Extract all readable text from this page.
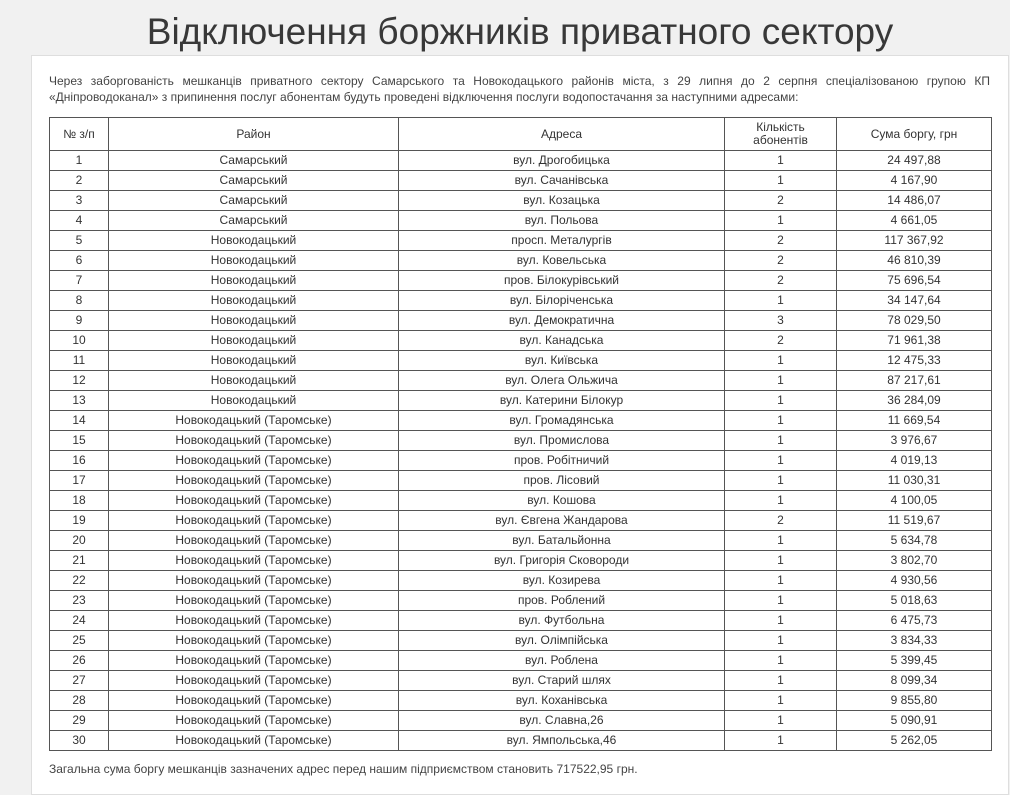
Відключення боржників приватного сектору

Через заборгованість мешканців приватного сектору Самарського та Новокодацького районів міста, з 29 липня до 2 серпня спеціалізованою групою КП «Дніпроводоканал» з припинення послуг абонентам будуть проведені відключення послуги водопостачання за наступними адресами:

№ з/п	Район	Адреса	Кількість абонентів	Сума боргу, грн
1	Самарський	вул. Дрогобицька	1	24 497,88
2	Самарський	вул. Сачанівська	1	4 167,90
3	Самарський	вул. Козацька	2	14 486,07
4	Самарський	вул. Польова	1	4 661,05
5	Новокодацький	просп. Металургів	2	117 367,92
6	Новокодацький	вул. Ковельська	2	46 810,39
7	Новокодацький	пров. Білокурівський	2	75 696,54
8	Новокодацький	вул. Білоріченська	1	34 147,64
9	Новокодацький	вул. Демократична	3	78 029,50
10	Новокодацький	вул. Канадська	2	71 961,38
11	Новокодацький	вул. Київська	1	12 475,33
12	Новокодацький	вул. Олега Ольжича	1	87 217,61
13	Новокодацький	вул. Катерини Білокур	1	36 284,09
14	Новокодацький (Таромське)	вул. Громадянська	1	11 669,54
15	Новокодацький (Таромське)	вул. Промислова	1	3 976,67
16	Новокодацький (Таромське)	пров. Робітничий	1	4 019,13
17	Новокодацький (Таромське)	пров. Лісовий	1	11 030,31
18	Новокодацький (Таромське)	вул. Кошова	1	4 100,05
19	Новокодацький (Таромське)	вул. Євгена Жандарова	2	11 519,67
20	Новокодацький (Таромське)	вул. Батальйонна	1	5 634,78
21	Новокодацький (Таромське)	вул. Григорія Сковороди	1	3 802,70
22	Новокодацький (Таромське)	вул. Козирева	1	4 930,56
23	Новокодацький (Таромське)	пров. Роблений	1	5 018,63
24	Новокодацький (Таромське)	вул. Футбольна	1	6 475,73
25	Новокодацький (Таромське)	вул. Олімпійська	1	3 834,33
26	Новокодацький (Таромське)	вул. Роблена	1	5 399,45
27	Новокодацький (Таромське)	вул. Старий шлях	1	8 099,34
28	Новокодацький (Таромське)	вул. Коханівська	1	9 855,80
29	Новокодацький (Таромське)	вул. Славна,26	1	5 090,91
30	Новокодацький (Таромське)	вул. Ямпольська,46	1	5 262,05

Загальна сума боргу мешканців зазначених адрес перед нашим підприємством становить 717522,95 грн.
